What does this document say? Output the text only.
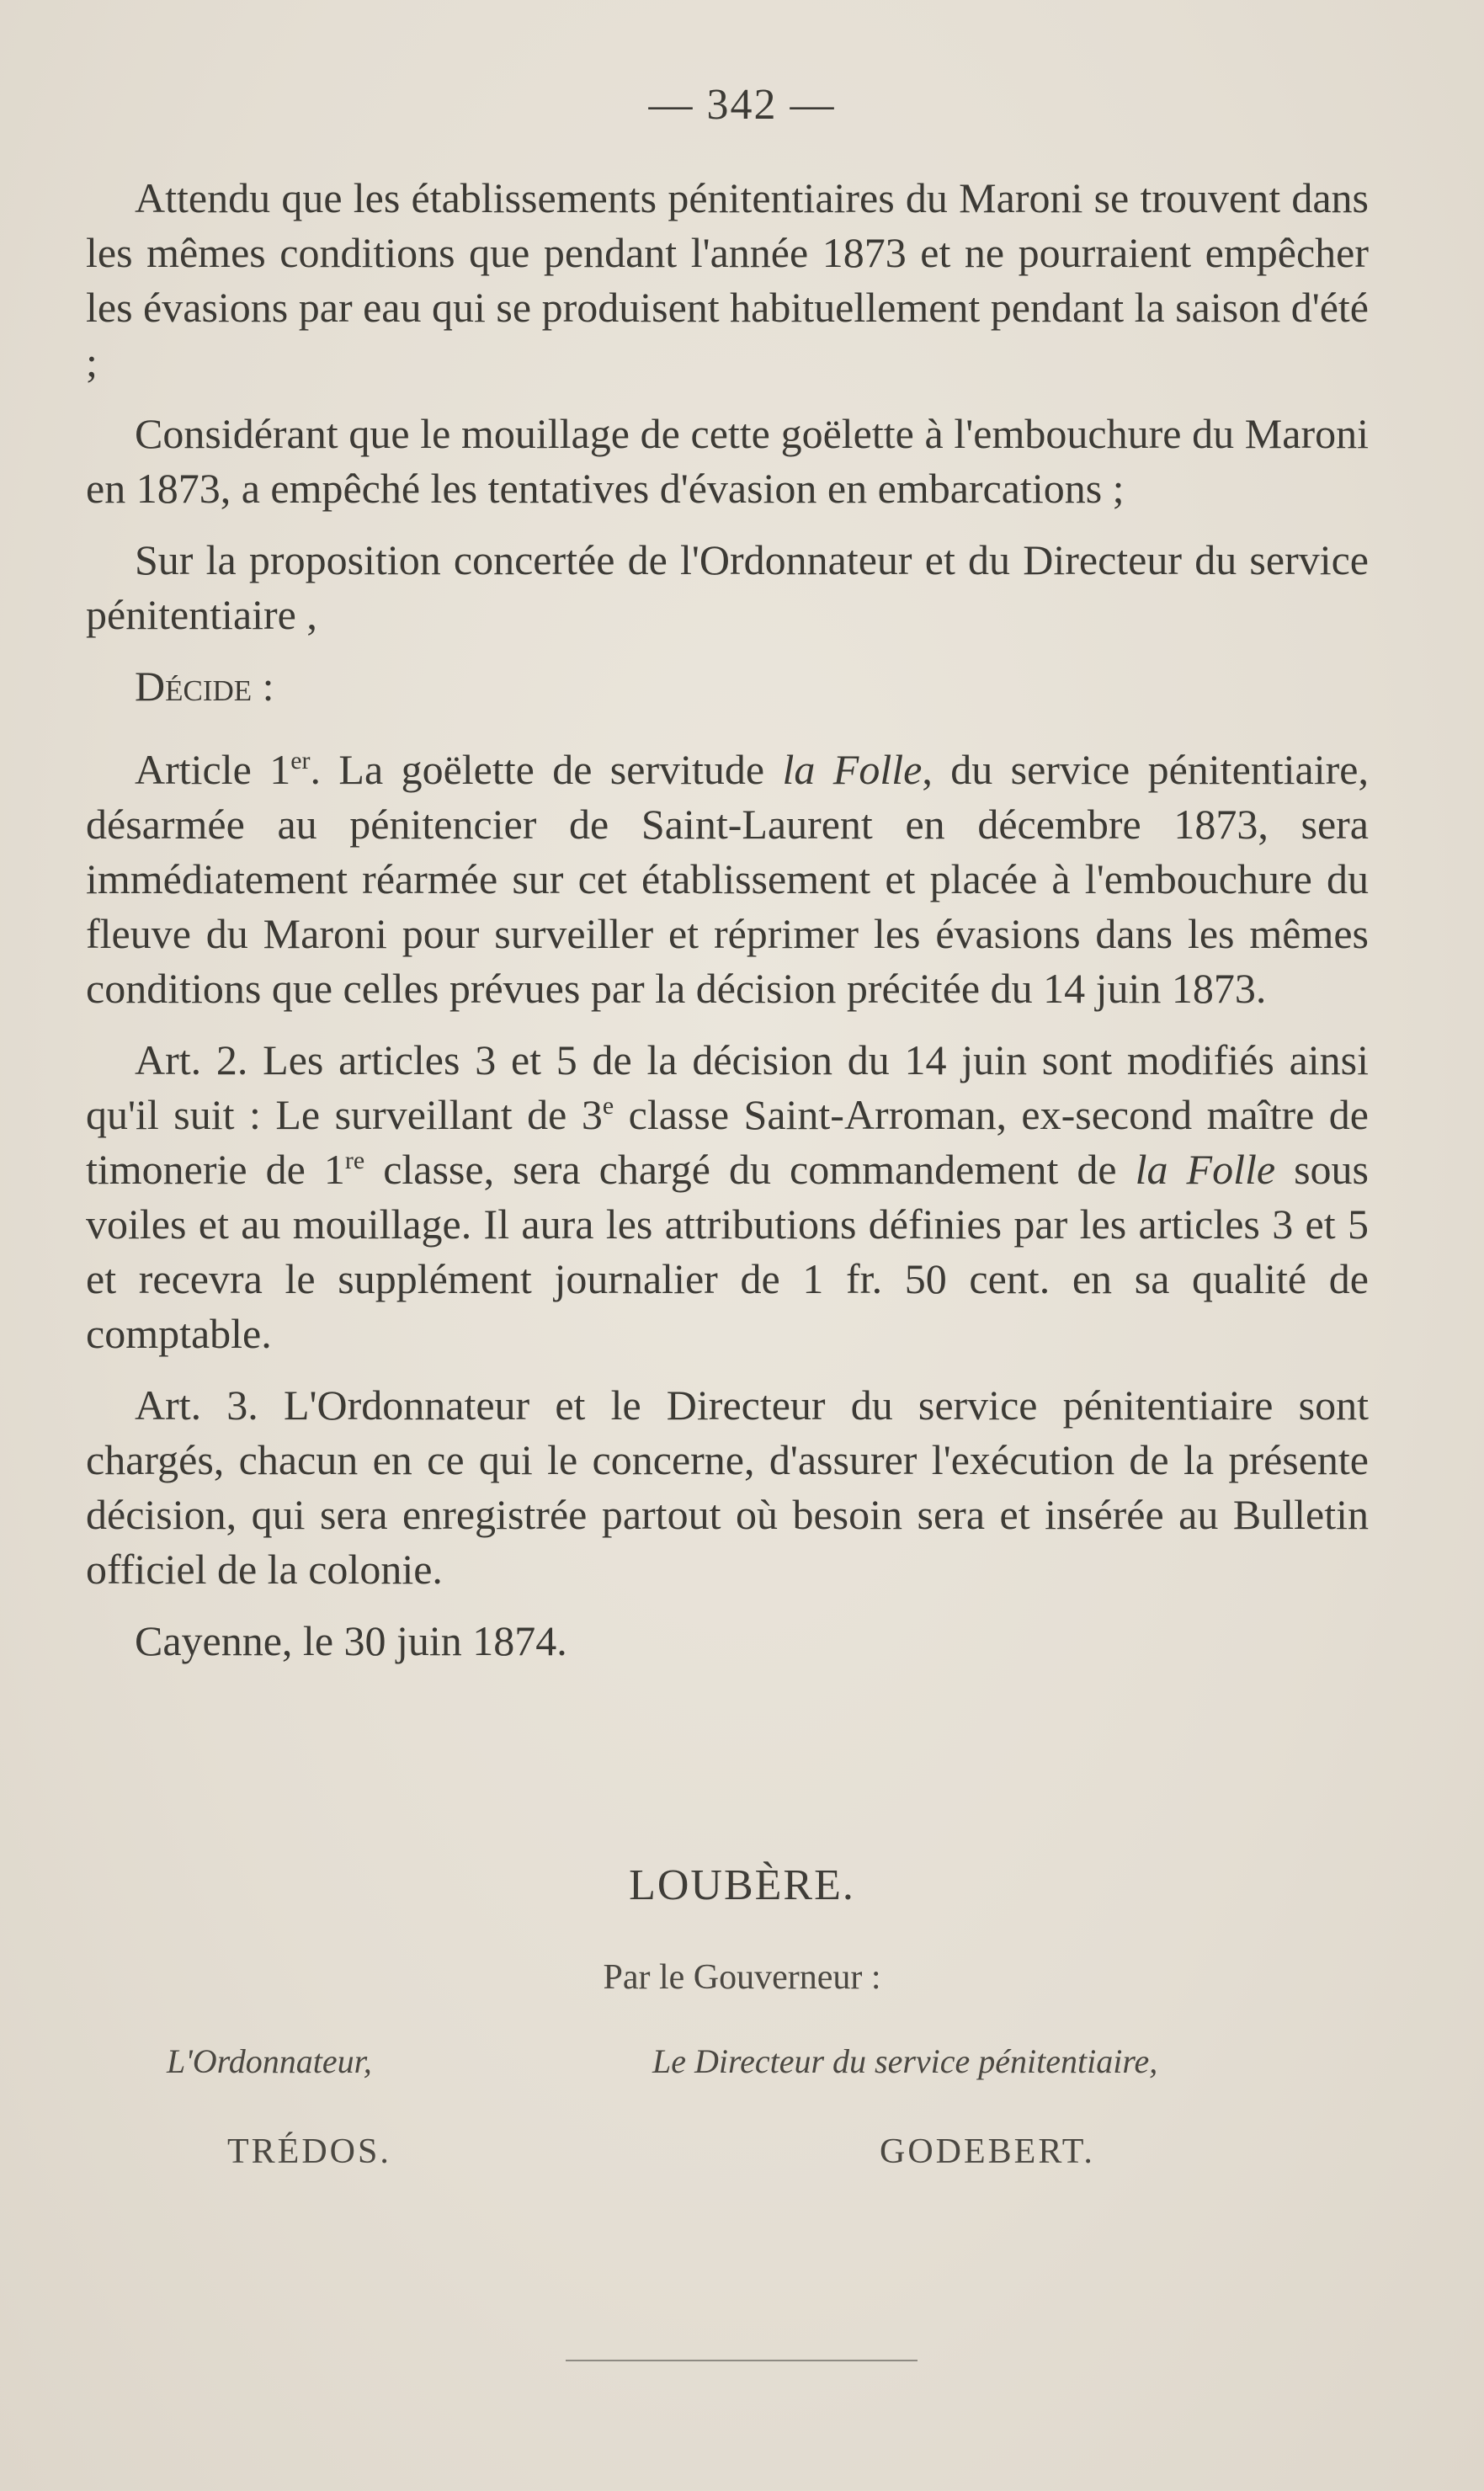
— 342 —

Attendu que les établissements pénitentiaires du Maroni se trouvent dans les mêmes conditions que pendant l'année 1873 et ne pourraient empêcher les évasions par eau qui se produisent habituellement pendant la saison d'été ;

Considérant que le mouillage de cette goëlette à l'embouchure du Maroni en 1873, a empêché les tentatives d'évasion en embarcations ;

Sur la proposition concertée de l'Ordonnateur et du Directeur du service pénitentiaire ,

Décide :

Article 1er. La goëlette de servitude la Folle, du service pénitentiaire, désarmée au pénitencier de Saint-Laurent en décembre 1873, sera immédiatement réarmée sur cet établissement et placée à l'embouchure du fleuve du Maroni pour surveiller et réprimer les évasions dans les mêmes conditions que celles prévues par la décision précitée du 14 juin 1873.

Art. 2. Les articles 3 et 5 de la décision du 14 juin sont modifiés ainsi qu'il suit : Le surveillant de 3e classe Saint-Arroman, ex-second maître de timonerie de 1re classe, sera chargé du commandement de la Folle sous voiles et au mouillage. Il aura les attributions définies par les articles 3 et 5 et recevra le supplément journalier de 1 fr. 50 cent. en sa qualité de comptable.

Art. 3. L'Ordonnateur et le Directeur du service pénitentiaire sont chargés, chacun en ce qui le concerne, d'assurer l'exécution de la présente décision, qui sera enregistrée partout où besoin sera et insérée au Bulletin officiel de la colonie.

Cayenne, le 30 juin 1874.

LOUBÈRE.
Par le Gouverneur :
L'Ordonnateur,	Le Directeur du service pénitentiaire,
TRÉDOS.	GODEBERT.
